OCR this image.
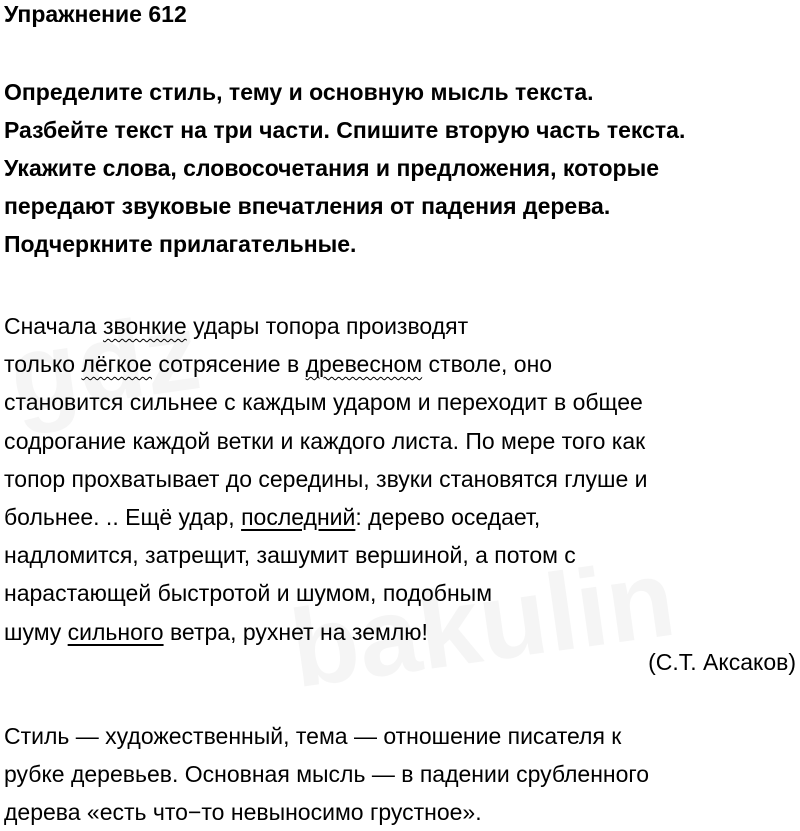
Упражнение 612
Определите стиль, тему и основную мысль текста.
Разбейте текст на три части. Спишите вторую часть текста.
Укажите слова, словосочетания и предложения, которые
передают звуковые впечатления от падения дерева.
Подчеркните прилагательные.
Сначала звонкие удары топора производят
только лёгкое сотрясение в древесном стволе, оно
становится сильнее с каждым ударом и переходит в общее
содрогание каждой ветки и каждого листа. По мере того как
топор прохватывает до середины, звуки становятся глуше и
больнее. .. Ещё удар, последний: дерево оседает,
надломится, затрещит, зашумит вершиной, а потом с
нарастающей быстротой и шумом, подобным
шуму сильного ветра, рухнет на землю!
(С.Т. Аксаков)
Стиль — художественный, тема — отношение писателя к
рубке деревьев. Основная мысль — в падении срубленного
дерева «есть что−то невыносимо грустное».
